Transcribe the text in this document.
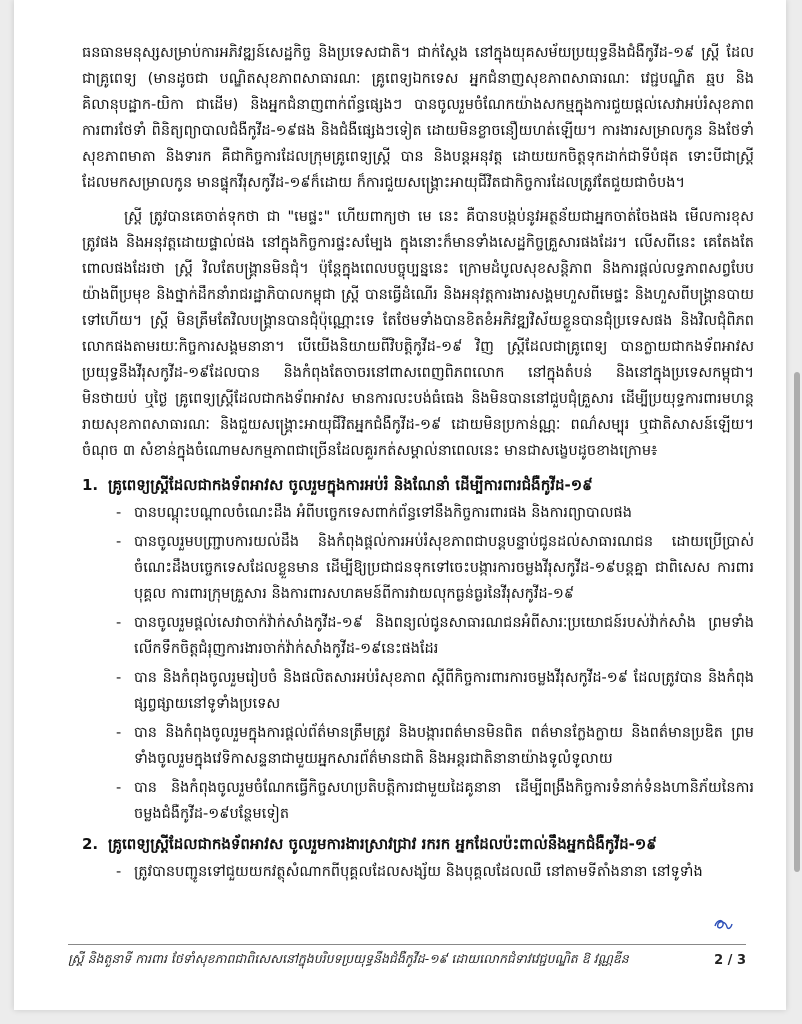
ធនធានមនុស្សសម្រាប់ការអភិវឌ្ឍន៍សេដ្ឋកិច្ច និងប្រទេសជាតិ។ ជាក់ស្ដែង នៅក្នុងយុគសម័យប្រយុទ្ធនឹងជំងឺកូវីដ-១៩ ស្ត្រី ដែលជាគ្រូពេទ្យ (មានដូចជា បណ្ឌិតសុខភាពសាធារណៈ គ្រូពេទ្យឯកទេស អ្នកជំនាញសុខភាពសាធារណៈ វេជ្ជបណ្ឌិត ឆ្មប និងគិលានុបដ្ឋាក-យិកា ជាដើម) និងអ្នកជំនាញពាក់ព័ន្ធផ្សេងៗ បានចូលរួមចំណែកយ៉ាងសកម្មក្នុងការជួយផ្ដល់សេវាអប់រំសុខភាព ការពារថែទាំ ពិនិត្យព្យាបាលជំងឺកូវីដ-១៩ផង និងជំងឺផ្សេងៗទៀត ដោយមិនខ្លាចនឿយហត់ឡើយ។ ការងារសម្រាលកូន និងថែទាំសុខភាពមាតា និងទារក គឺជាកិច្ចការដែលក្រុមគ្រូពេទ្យស្ត្រី បាន និងបន្តអនុវត្ត ដោយយកចិត្តទុកដាក់ជាទីបំផុត ទោះបីជាស្ត្រីដែលមកសម្រាលកូន មានផ្ទុកវីរុសកូវីដ-១៩ក៏ដោយ ក៏ការជួយសង្គ្រោះអាយុជីវិតជាកិច្ចការដែលត្រូវតែជួយជាចំបង។

ស្ត្រី ត្រូវបានគេចាត់ទុកថា ជា "មេផ្ទះ" ហើយពាក្យថា មេ នេះ គឺបានបង្កប់នូវអត្ថន័យជាអ្នកចាត់ចែងផង មើលការខុសត្រូវផង និងអនុវត្តដោយផ្ទាល់ផង នៅក្នុងកិច្ចការផ្ទះសម្បែង ក្នុងនោះក៏មានទាំងសេដ្ឋកិច្ចគ្រួសារផងដែរ។ លើសពីនេះ គេតែងតែពោលផងដែរថា ស្ត្រី វិលតែបង្គ្រានមិនជុំ។ ប៉ុន្តែក្នុងពេលបច្ចុប្បន្ននេះ ក្រោមដំបូលសុខសន្តិភាព និងការផ្ដល់លទ្ធភាពសព្វបែបយ៉ាងពីប្រមុខ និងថ្នាក់ដឹកនាំរាជរដ្ឋាភិបាលកម្ពុជា ស្ត្រី បានធ្វើដំណើរ និងអនុវត្តការងារសង្គមហួសពីមេផ្ទះ និងហួសពីបង្គ្រានបាយទៅហើយ។ ស្ត្រី មិនត្រឹមតែវិលបង្គ្រានបានជុំប៉ុណ្ណោះទេ តែថែមទាំងបានខិតខំអភិវឌ្ឍវិស័យខ្លួនបានជុំប្រទេសផង និងវិលជុំពិភពលោកផងតាមរយៈកិច្ចការសង្គមនានា។ បើយើងនិយាយពីវិបត្តិកូវីដ-១៩ វិញ ស្ត្រីដែលជាគ្រូពេទ្យ បានក្លាយជាកងទ័ពអាវសប្រយុទ្ធនឹងវីរុសកូវីដ-១៩ដែលបាន និងកំពុងតែចាចរនៅពាសពេញពិភពលោក នៅក្នុងតំបន់ និងនៅក្នុងប្រទេសកម្ពុជា។ មិនថាយប់ ឬថ្ងៃ គ្រូពេទ្យស្ត្រីដែលជាកងទ័ពអាវស មានការលះបង់ធំធេង និងមិនបាននៅជួបជុំគ្រួសារ ដើម្បីប្រយុទ្ធការពារមហន្តរាយសុខភាពសាធារណៈ និងជួយសង្គ្រោះអាយុជីវិតអ្នកជំងឺកូវីដ-១៩ ដោយមិនប្រកាន់ណ្ណៈ ពណ៌សម្បុរ ឬជាតិសាសន៍ឡើយ។ ចំណុច ៣ សំខាន់ក្នុងចំណោមសកម្មភាពជាច្រើនដែលគួរកត់សម្គាល់នាពេលនេះ មានជាសង្ខេបដូចខាងក្រោម៖

1. គ្រូពេទ្យស្ត្រីដែលជាកងទ័ពអាវស ចូលរួមក្នុងការអប់រំ និងណែនាំ ដើម្បីការពារជំងឺកូវីដ-១៩
- បានបណ្ដុះបណ្ដាលចំណេះដឹង អំពីបច្ចេកទេសពាក់ព័ន្ធទៅនឹងកិច្ចការពារផង និងការព្យាបាលផង
- បានចូលរួមបញ្ជ្រាបការយល់ដឹង និងកំពុងផ្ដល់ការអប់រំសុខភាពជាបន្តបន្ទាប់ជូនដល់សាធារណជន ដោយប្រើប្រាស់ចំណេះដឹងបច្ចេកទេសដែលខ្លួនមាន ដើម្បីឱ្យប្រជាជនទុកទៅចេះបង្ការការចម្លងវីរុសកូវីដ-១៩បន្តគ្នា ជាពិសេស ការពារបុគ្គល ការពារក្រុមគ្រួសារ និងការពារសហគមន៍ពីការវាយលុកធ្ងន់ធ្ងរនៃវីរុសកូវីដ-១៩
- បានចូលរួមផ្ដល់សេវាចាក់វ៉ាក់សាំងកូវីដ-១៩ និងពន្យល់ជូនសាធារណជនអំពីសារៈប្រយោជន៍របស់វ៉ាក់សាំង ព្រមទាំងលើកទឹកចិត្តជំរុញការងារចាក់វ៉ាក់សាំងកូវីដ-១៩នេះផងដែរ
- បាន និងកំពុងចូលរួមរៀបចំ និងផលិតសារអប់រំសុខភាព ស្ដីពីកិច្ចការពារការចម្លងវីរុសកូវីដ-១៩ ដែលត្រូវបាន និងកំពុងផ្សព្វផ្សាយនៅទូទាំងប្រទេស
- បាន និងកំពុងចូលរួមក្នុងការផ្ដល់ព័ត៌មានត្រឹមត្រូវ និងបង្ការពត៌មានមិនពិត ពត៌មានក្លែងក្លាយ និងពត៌មានប្រឌិត ព្រមទាំងចូលរួមក្នុងវេទិកាសន្ទនាជាមួយអ្នកសារព័ត៌មានជាតិ និងអន្តរជាតិនានាយ៉ាងទូលំទូលាយ
- បាន និងកំពុងចូលរួមចំណែកធ្វើកិច្ចសហប្រតិបត្តិការជាមួយដៃគូនានា ដើម្បីពង្រឹងកិច្ចការទំនាក់ទំនងហានិភ័យនៃការចម្លងជំងឺកូវីដ-១៩បន្ថែមទៀត
2. គ្រូពេទ្យស្ត្រីដែលជាកងទ័ពអាវស ចូលរួមការងារស្រាវជ្រាវ រករក អ្នកដែលប៉ះពាល់នឹងអ្នកជំងឺកូវីដ-១៩
- ត្រូវបានបញ្ជូនទៅជួយយកវត្ថុសំណាកពីបុគ្គលដែលសង្ស័យ និងបុគ្គលដែលឈឺ នៅតាមទីតាំងនានា នៅទូទាំង
ស្ត្រី និងតួនាទី ការពារ ថែទាំសុខភាពជាពិសេសនៅក្នុងបរិបទប្រយុទ្ធនឹងជំងឺកូវីដ-១៩ ដោយលោកជំទាវវេជ្ជបណ្ឌិត ឱ វណ្ណឌីន	2 / 3
